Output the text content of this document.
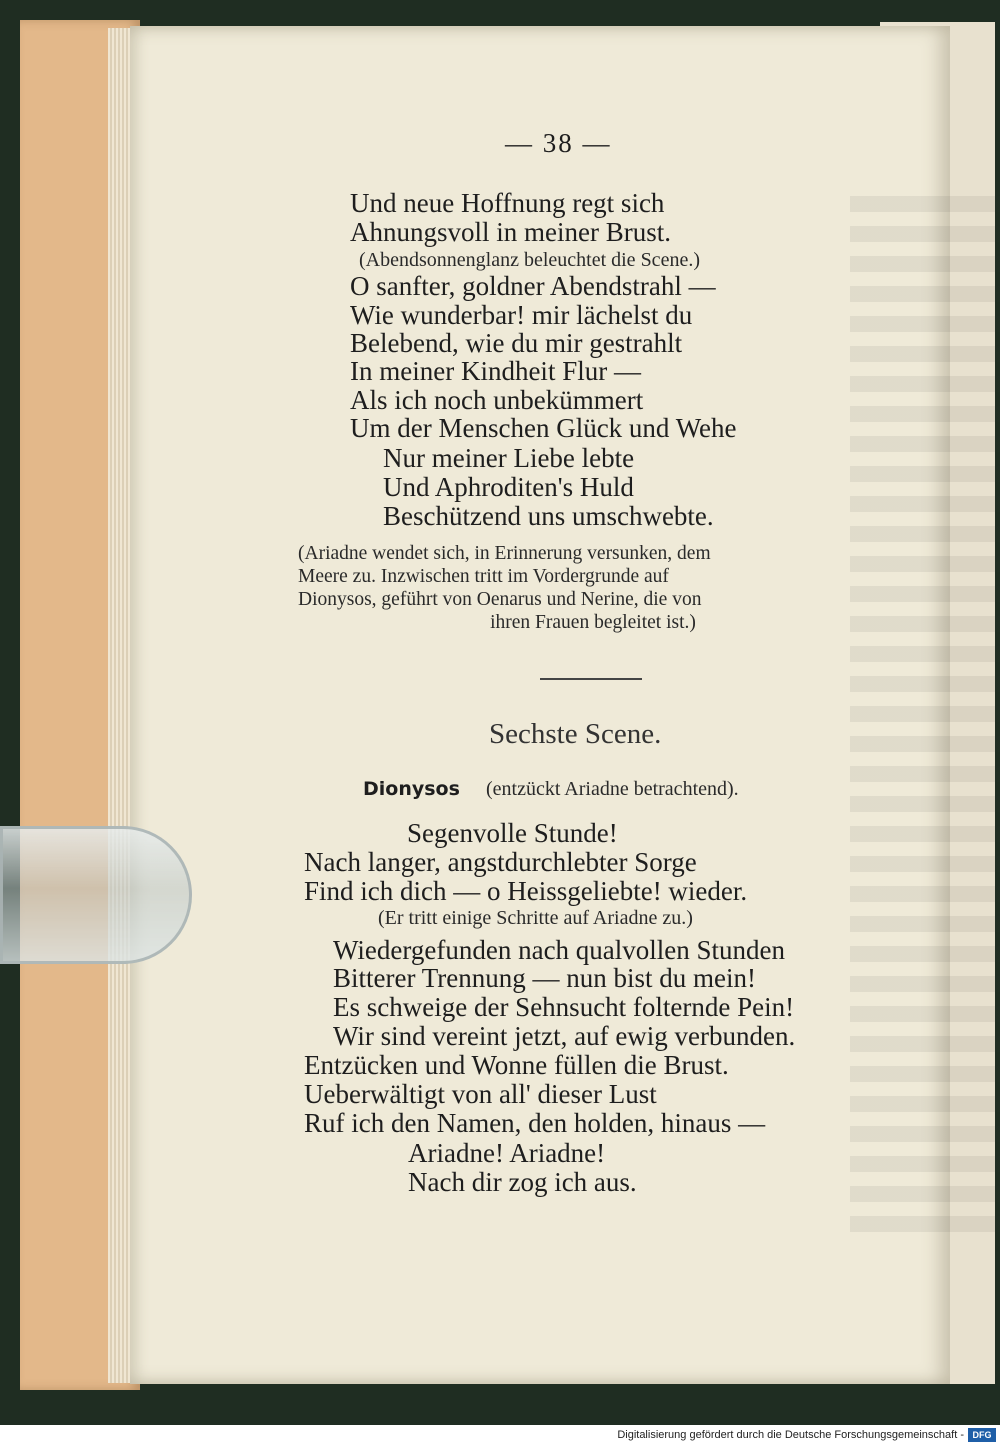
— 38 —
Und neue Hoffnung regt sich
Ahnungsvoll in meiner Brust.
(Abendsonnenglanz beleuchtet die Scene.)
O sanfter, goldner Abendstrahl —
Wie wunderbar! mir lächelst du
Belebend, wie du mir gestrahlt
In meiner Kindheit Flur —
Als ich noch unbekümmert
Um der Menschen Glück und Wehe
Nur meiner Liebe lebte
Und Aphroditen's Huld
Beschützend uns umschwebte.
(Ariadne wendet sich, in Erinnerung versunken, dem
Meere zu. Inzwischen tritt im Vordergrunde auf
Dionysos, geführt von Oenarus und Nerine, die von
ihren Frauen begleitet ist.)
Sechste Scene.
Dionysos (entzückt Ariadne betrachtend).
Segenvolle Stunde!
Nach langer, angstdurchlebter Sorge
Find ich dich — o Heissgeliebte! wieder.
(Er tritt einige Schritte auf Ariadne zu.)
Wiedergefunden nach qualvollen Stunden
Bitterer Trennung — nun bist du mein!
Es schweige der Sehnsucht folternde Pein!
Wir sind vereint jetzt, auf ewig verbunden.
Entzücken und Wonne füllen die Brust.
Ueberwältigt von all' dieser Lust
Ruf ich den Namen, den holden, hinaus —
Ariadne! Ariadne!
Nach dir zog ich aus.
Digitalisierung gefördert durch die Deutsche Forschungsgemeinschaft - DFG
